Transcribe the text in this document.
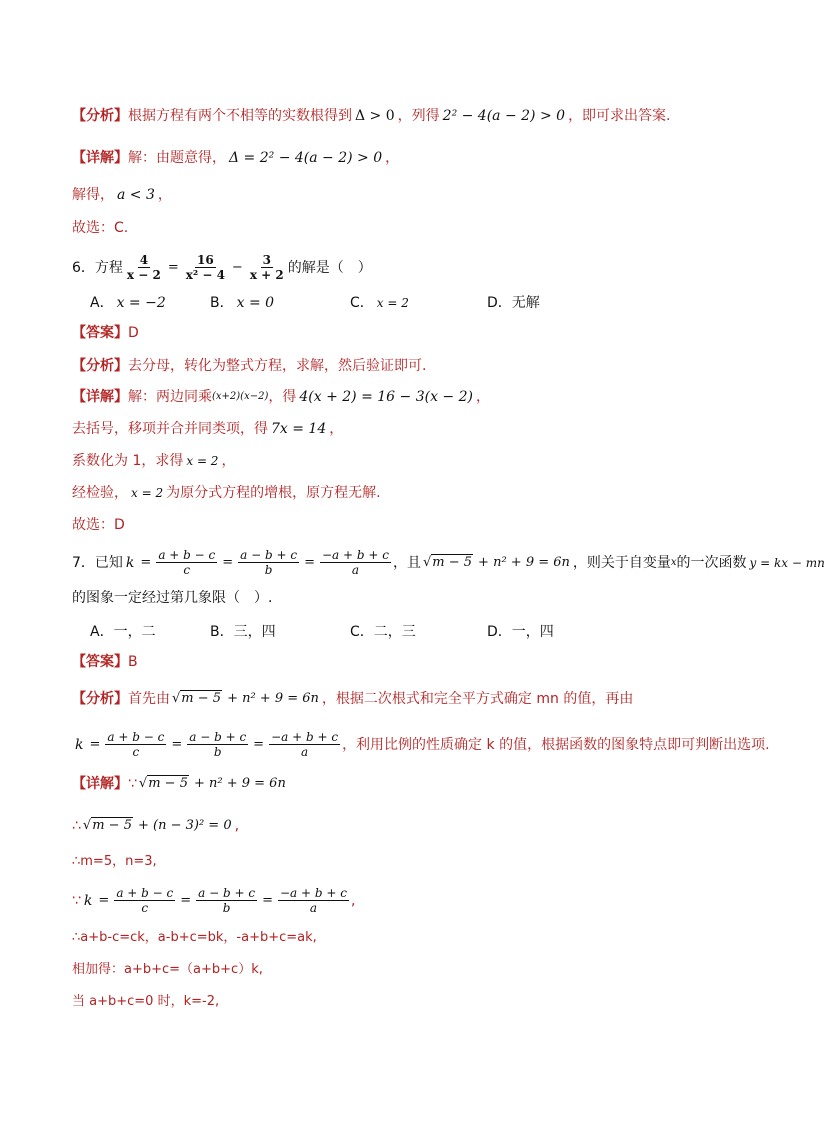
【分析】 根据方程有两个不相等的实数根得到 Δ > 0 ，列得 2² − 4(a − 2) > 0 ，即可求出答案.
【详解】 解：由题意得， Δ = 2² − 4(a − 2) > 0 ，
解得， a < 3 ，
故选： C.
6．方程 $\frac{4}{x - 2} = \frac{16}{\text{x² − 4}} - \frac{3}{x + 2}$ 的解是（　）
A． x = −2	B． x = 0	C． x = 2	D．无解
【答案】 D
【分析】 去分母，转化为整式方程，求解，然后验证即可.
【详解】 解：两边同乘 (x+2)(x−2) ，得 4(x + 2) = 16 − 3(x − 2) ，
去括号，移项并合并同类项，得 7x = 14 ，
系数化为 1，求得 x = 2 ，
经检验， x = 2 为原分式方程的增根，原方程无解.
故选： D
7．已知 $k = \frac{a + b - c}{c} = \frac{a - b + c}{b} = \frac{-a + b + c}{a}$ ，且 √m − 5 + n² + 9 = 6n ，则关于自变量 x 的一次函数 y = kx − mn
的图象一定经过第几象限（　）.
A．一，二	B．三，四	C．二，三	D．一，四
【答案】 B
【分析】 首先由 √m − 5 + n² + 9 = 6n ，根据二次根式和完全平方式确定 mn 的值，再由
$k = \frac{a + b - c}{c} = \frac{a - b + c}{b} = \frac{-a + b + c}{a}$ ，利用比例的性质确定 k 的值，根据函数的图象特点即可判断出选项.
【详解】 ∵ √m − 5 + n² + 9 = 6n
∴ √m − 5 + (n − 3)² = 0 ,
∴m=5，n=3,
∵ $k = \frac{a + b - c}{c} = \frac{a - b + c}{b} = \frac{-a + b + c}{a}$ ,
∴a+b-c=ck，a-b+c=bk，-a+b+c=ak,
相加得：a+b+c=（a+b+c）k,
当 a+b+c=0 时，k=-2,
